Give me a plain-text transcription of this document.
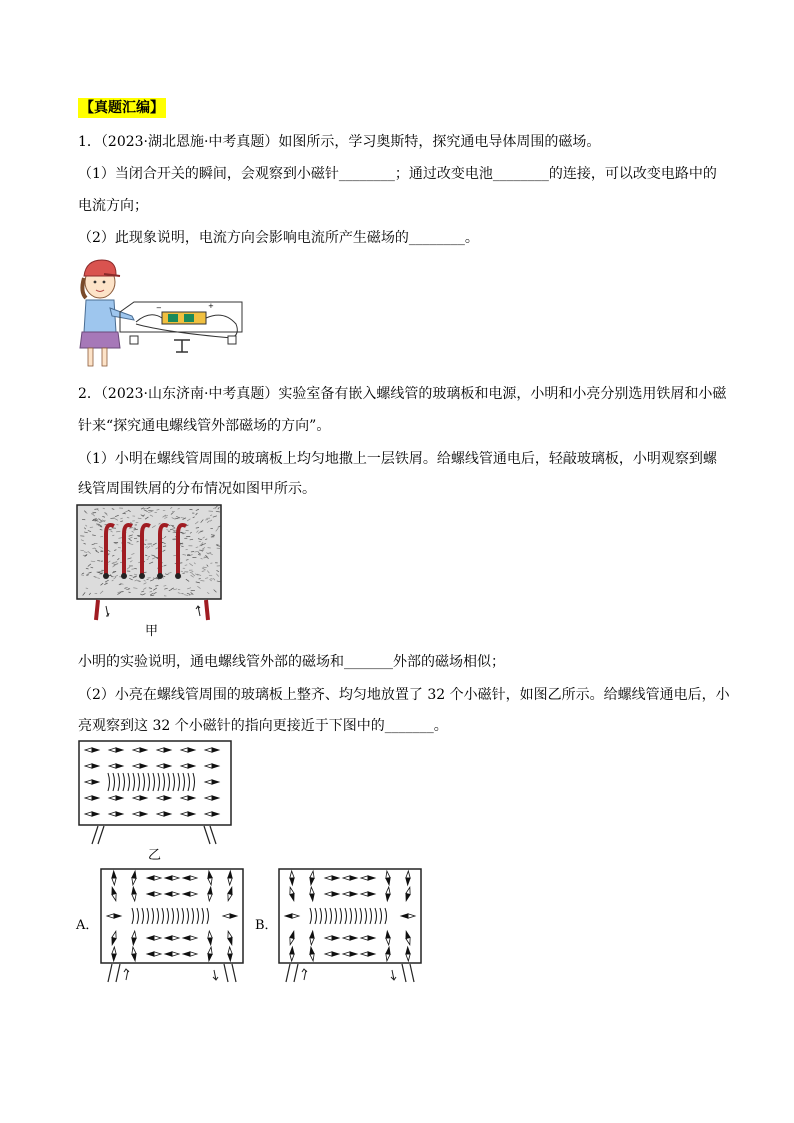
【真题汇编】
1．（2023·湖北恩施·中考真题）如图所示，学习奥斯特，探究通电导体周围的磁场。
（1）当闭合开关的瞬间，会观察到小磁针________；通过改变电池________的连接，可以改变电路中的
电流方向；
（2）此现象说明，电流方向会影响电流所产生磁场的________。
−	+
2．（2023·山东济南·中考真题）实验室备有嵌入螺线管的玻璃板和电源，小明和小亮分别选用铁屑和小磁
针来“探究通电螺线管外部磁场的方向”。
（1）小明在螺线管周围的玻璃板上均匀地撒上一层铁屑。给螺线管通电后，轻敲玻璃板，小明观察到螺
线管周围铁屑的分布情况如图甲所示。
甲
小明的实验说明，通电螺线管外部的磁场和_______外部的磁场相似；
（2）小亮在螺线管周围的玻璃板上整齐、均匀地放置了 32 个小磁针，如图乙所示。给螺线管通电后，小
亮观察到这 32 个小磁针的指向更接近于下图中的_______。
乙
A．	B．
